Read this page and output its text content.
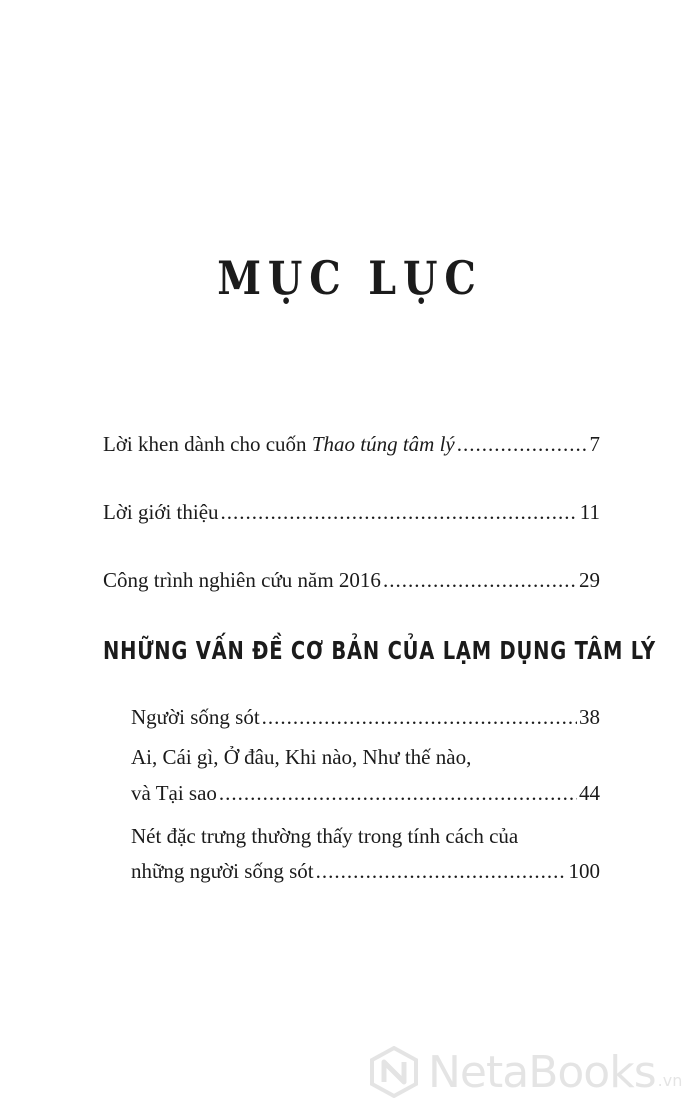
MỤC LỤC
Lời khen dành cho cuốn Thao túng tâm lý .....	7
Lời giới thiệu .....	11
Công trình nghiên cứu năm 2016 .....	29
NHỮNG VẤN ĐỀ CƠ BẢN CỦA LẠM DỤNG TÂM LÝ
Người sống sót .....	38
Ai, Cái gì, Ở đâu, Khi nào, Như thế nào,
và Tại sao .....	44
Nét đặc trưng thường thấy trong tính cách của
những người sống sót .....	100
NetaBooks .vn
